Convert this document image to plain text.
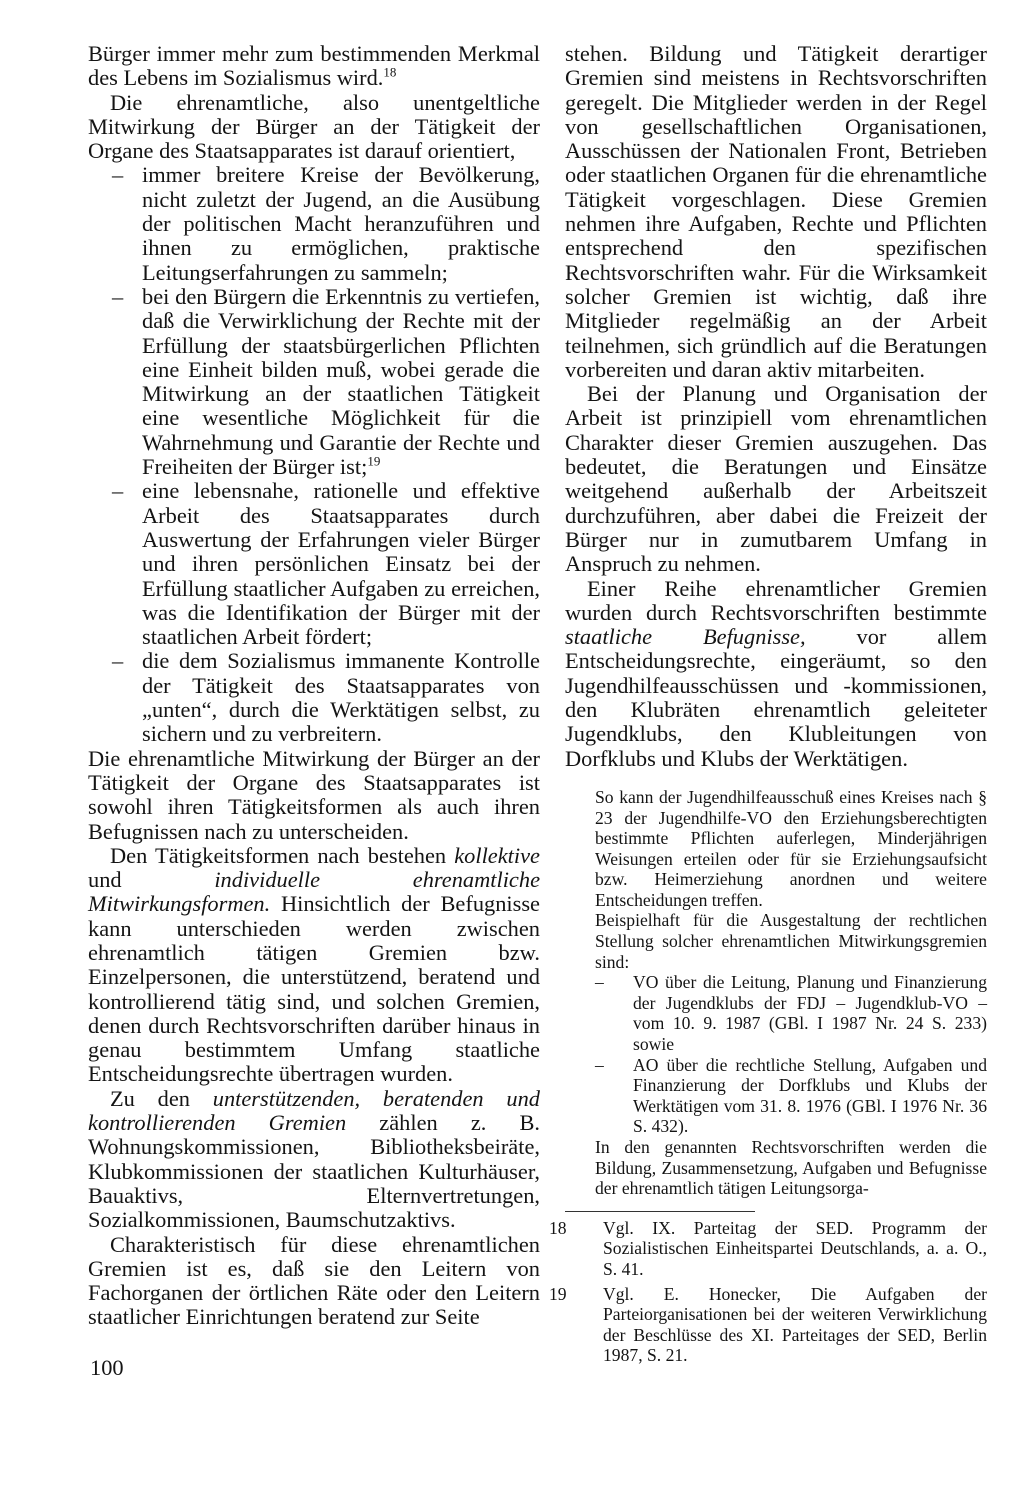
Bürger immer mehr zum bestimmenden Merkmal des Lebens im Sozialismus wird.$^{18}$

Die ehrenamtliche, also unentgeltliche Mitwirkung der Bürger an der Tätigkeit der Organe des Staatsapparates ist darauf orientiert,

– immer breitere Kreise der Bevölkerung, nicht zuletzt der Jugend, an die Ausübung der politischen Macht heranzuführen und ihnen zu ermöglichen, praktische Leitungserfahrungen zu sammeln;
– bei den Bürgern die Erkenntnis zu vertiefen, daß die Verwirklichung der Rechte mit der Erfüllung der staatsbürgerlichen Pflichten eine Einheit bilden muß, wobei gerade die Mitwirkung an der staatlichen Tätigkeit eine wesentliche Möglichkeit für die Wahrnehmung und Garantie der Rechte und Freiheiten der Bürger ist;$^{19}$
– eine lebensnahe, rationelle und effektive Arbeit des Staatsapparates durch Auswertung der Erfahrungen vieler Bürger und ihren persönlichen Einsatz bei der Erfüllung staatlicher Aufgaben zu erreichen, was die Identifikation der Bürger mit der staatlichen Arbeit fördert;
– die dem Sozialismus immanente Kontrolle der Tätigkeit des Staatsapparates von „unten“, durch die Werktätigen selbst, zu sichern und zu verbreitern.

Die ehrenamtliche Mitwirkung der Bürger an der Tätigkeit der Organe des Staatsapparates ist sowohl ihren Tätigkeitsformen als auch ihren Befugnissen nach zu unterscheiden.

Den Tätigkeitsformen nach bestehen kollektive und individuelle ehrenamtliche Mitwirkungsformen. Hinsichtlich der Befugnisse kann unterschieden werden zwischen ehrenamtlich tätigen Gremien bzw. Einzelpersonen, die unterstützend, beratend und kontrollierend tätig sind, und solchen Gremien, denen durch Rechtsvorschriften darüber hinaus in genau bestimmtem Umfang staatliche Entscheidungsrechte übertragen wurden.

Zu den unterstützenden, beratenden und kontrollierenden Gremien zählen z. B. Wohnungskommissionen, Bibliotheksbeiräte, Klubkommissionen der staatlichen Kulturhäuser, Bauaktivs, Elternvertretungen, Sozialkommissionen, Baumschutzaktivs.

Charakteristisch für diese ehrenamtlichen Gremien ist es, daß sie den Leitern von Fachorganen der örtlichen Räte oder den Leitern staatlicher Einrichtungen beratend zur Seite

stehen. Bildung und Tätigkeit derartiger Gremien sind meistens in Rechtsvorschriften geregelt. Die Mitglieder werden in der Regel von gesellschaftlichen Organisationen, Ausschüssen der Nationalen Front, Betrieben oder staatlichen Organen für die ehrenamtliche Tätigkeit vorgeschlagen. Diese Gremien nehmen ihre Aufgaben, Rechte und Pflichten entsprechend den spezifischen Rechtsvorschriften wahr. Für die Wirksamkeit solcher Gremien ist wichtig, daß ihre Mitglieder regelmäßig an der Arbeit teilnehmen, sich gründlich auf die Beratungen vorbereiten und daran aktiv mitarbeiten.

Bei der Planung und Organisation der Arbeit ist prinzipiell vom ehrenamtlichen Charakter dieser Gremien auszugehen. Das bedeutet, die Beratungen und Einsätze weitgehend außerhalb der Arbeitszeit durchzuführen, aber dabei die Freizeit der Bürger nur in zumutbarem Umfang in Anspruch zu nehmen.

Einer Reihe ehrenamtlicher Gremien wurden durch Rechtsvorschriften bestimmte staatliche Befugnisse, vor allem Entscheidungsrechte, eingeräumt, so den Jugendhilfeausschüssen und -kommissionen, den Klubräten ehrenamtlich geleiteter Jugendklubs, den Klubleitungen von Dorfklubs und Klubs der Werktätigen.

So kann der Jugendhilfeausschuß eines Kreises nach § 23 der Jugendhilfe-VO den Erziehungsberechtigten bestimmte Pflichten auferlegen, Minderjährigen Weisungen erteilen oder für sie Erziehungsaufsicht bzw. Heimerziehung anordnen und weitere Entscheidungen treffen.

Beispielhaft für die Ausgestaltung der rechtlichen Stellung solcher ehrenamtlichen Mitwirkungsgremien sind:

– VO über die Leitung, Planung und Finanzierung der Jugendklubs der FDJ – Jugendklub-VO – vom 10. 9. 1987 (GBl. I 1987 Nr. 24 S. 233) sowie
– AO über die rechtliche Stellung, Aufgaben und Finanzierung der Dorfklubs und Klubs der Werktätigen vom 31. 8. 1976 (GBl. I 1976 Nr. 36 S. 432).

In den genannten Rechtsvorschriften werden die Bildung, Zusammensetzung, Aufgaben und Befugnisse der ehrenamtlich tätigen Leitungsorga-

18 Vgl. IX. Parteitag der SED. Programm der Sozialistischen Einheitspartei Deutschlands, a. a. O., S. 41.
19 Vgl. E. Honecker, Die Aufgaben der Parteiorganisationen bei der weiteren Verwirklichung der Beschlüsse des XI. Parteitages der SED, Berlin 1987, S. 21.
100
